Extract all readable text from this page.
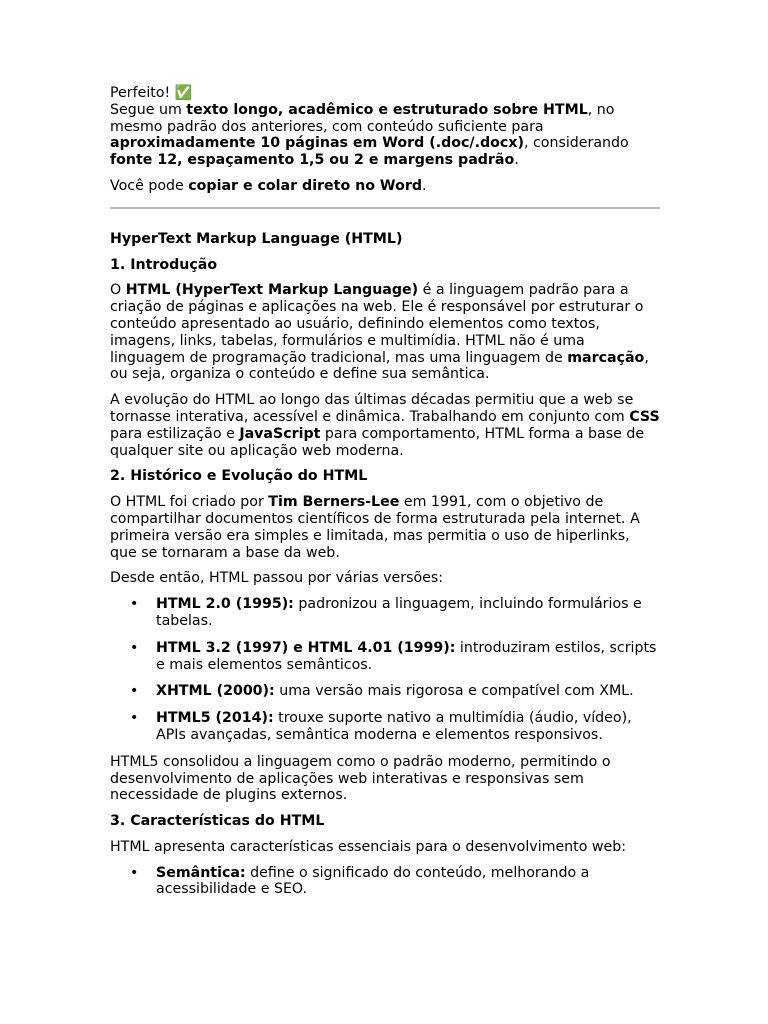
Perfeito! ✅

Segue um texto longo, acadêmico e estruturado sobre HTML, no mesmo padrão dos anteriores, com conteúdo suficiente para aproximadamente 10 páginas em Word (.doc/.docx), considerando fonte 12, espaçamento 1,5 ou 2 e margens padrão.

Você pode copiar e colar direto no Word.

HyperText Markup Language (HTML)
1. Introdução

O HTML (HyperText Markup Language) é a linguagem padrão para a criação de páginas e aplicações na web. Ele é responsável por estruturar o conteúdo apresentado ao usuário, definindo elementos como textos, imagens, links, tabelas, formulários e multimídia. HTML não é uma linguagem de programação tradicional, mas uma linguagem de marcação, ou seja, organiza o conteúdo e define sua semântica.

A evolução do HTML ao longo das últimas décadas permitiu que a web se tornasse interativa, acessível e dinâmica. Trabalhando em conjunto com CSS para estilização e JavaScript para comportamento, HTML forma a base de qualquer site ou aplicação web moderna.

2. Histórico e Evolução do HTML

O HTML foi criado por Tim Berners-Lee em 1991, com o objetivo de compartilhar documentos científicos de forma estruturada pela internet. A primeira versão era simples e limitada, mas permitia o uso de hiperlinks, que se tornaram a base da web.

Desde então, HTML passou por várias versões:

• HTML 2.0 (1995): padronizou a linguagem, incluindo formulários e tabelas.
• HTML 3.2 (1997) e HTML 4.01 (1999): introduziram estilos, scripts e mais elementos semânticos.
• XHTML (2000): uma versão mais rigorosa e compatível com XML.
• HTML5 (2014): trouxe suporte nativo a multimídia (áudio, vídeo), APIs avançadas, semântica moderna e elementos responsivos.

HTML5 consolidou a linguagem como o padrão moderno, permitindo o desenvolvimento de aplicações web interativas e responsivas sem necessidade de plugins externos.

3. Características do HTML

HTML apresenta características essenciais para o desenvolvimento web:

• Semântica: define o significado do conteúdo, melhorando a acessibilidade e SEO.
